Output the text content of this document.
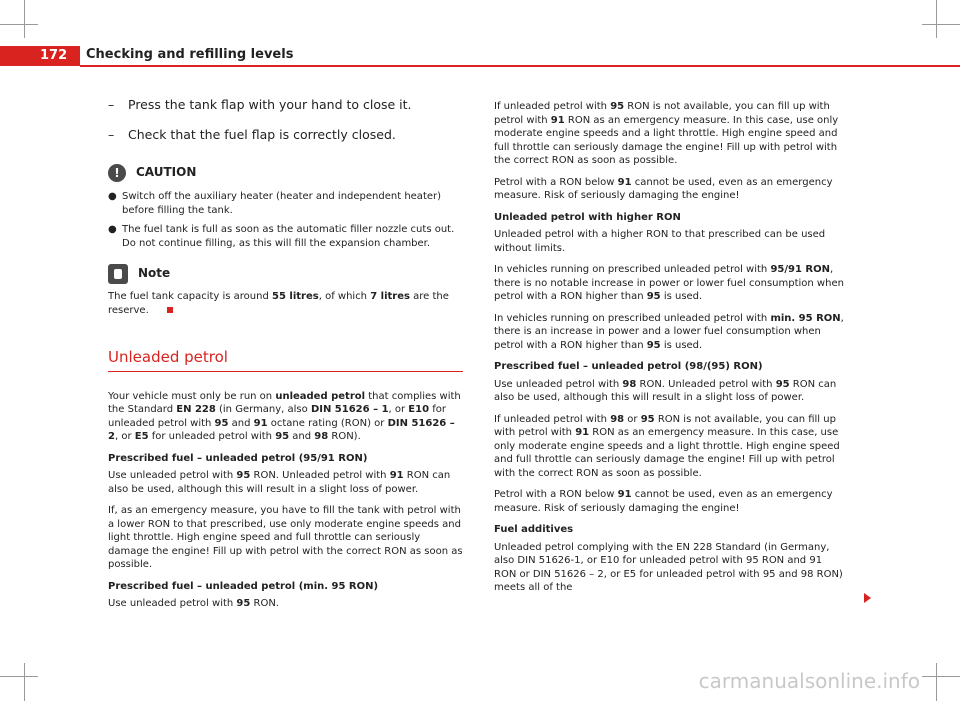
172	Checking and refilling levels
–	Press the tank flap with your hand to close it.
–	Check that the fuel flap is correctly closed.
!	CAUTION
● Switch off the auxiliary heater (heater and independent heater) before filling the tank.
● The fuel tank is full as soon as the automatic filler nozzle cuts out. Do not continue filling, as this will fill the expansion chamber.
Note

The fuel tank capacity is around 55 litres, of which 7 litres are the reserve.

Unleaded petrol

Your vehicle must only be run on unleaded petrol that complies with the Standard EN 228 (in Germany, also DIN 51626 – 1, or E10 for unleaded petrol with 95 and 91 octane rating (RON) or DIN 51626 – 2, or E5 for unleaded petrol with 95 and 98 RON).

Prescribed fuel – unleaded petrol (95/91 RON)

Use unleaded petrol with 95 RON. Unleaded petrol with 91 RON can also be used, although this will result in a slight loss of power.

If, as an emergency measure, you have to fill the tank with petrol with a lower RON to that prescribed, use only moderate engine speeds and light throttle. High engine speed and full throttle can seriously damage the engine! Fill up with petrol with the correct RON as soon as possible.

Prescribed fuel – unleaded petrol (min. 95 RON)

Use unleaded petrol with 95 RON.

If unleaded petrol with 95 RON is not available, you can fill up with petrol with 91 RON as an emergency measure. In this case, use only moderate engine speeds and a light throttle. High engine speed and full throttle can seriously damage the engine! Fill up with petrol with the correct RON as soon as possible.

Petrol with a RON below 91 cannot be used, even as an emergency measure. Risk of seriously damaging the engine!

Unleaded petrol with higher RON

Unleaded petrol with a higher RON to that prescribed can be used without limits.

In vehicles running on prescribed unleaded petrol with 95/91 RON, there is no notable increase in power or lower fuel consumption when petrol with a RON higher than 95 is used.

In vehicles running on prescribed unleaded petrol with min. 95 RON, there is an increase in power and a lower fuel consumption when petrol with a RON higher than 95 is used.

Prescribed fuel – unleaded petrol (98/(95) RON)

Use unleaded petrol with 98 RON. Unleaded petrol with 95 RON can also be used, although this will result in a slight loss of power.

If unleaded petrol with 98 or 95 RON is not available, you can fill up with petrol with 91 RON as an emergency measure. In this case, use only moderate engine speeds and a light throttle. High engine speed and full throttle can seriously damage the engine! Fill up with petrol with the correct RON as soon as possible.

Petrol with a RON below 91 cannot be used, even as an emergency measure. Risk of seriously damaging the engine!

Fuel additives

Unleaded petrol complying with the EN 228 Standard (in Germany, also DIN 51626-1, or E10 for unleaded petrol with 95 RON and 91 RON or DIN 51626 – 2, or E5 for unleaded petrol with 95 and 98 RON) meets all of the

carmanualsonline.info
